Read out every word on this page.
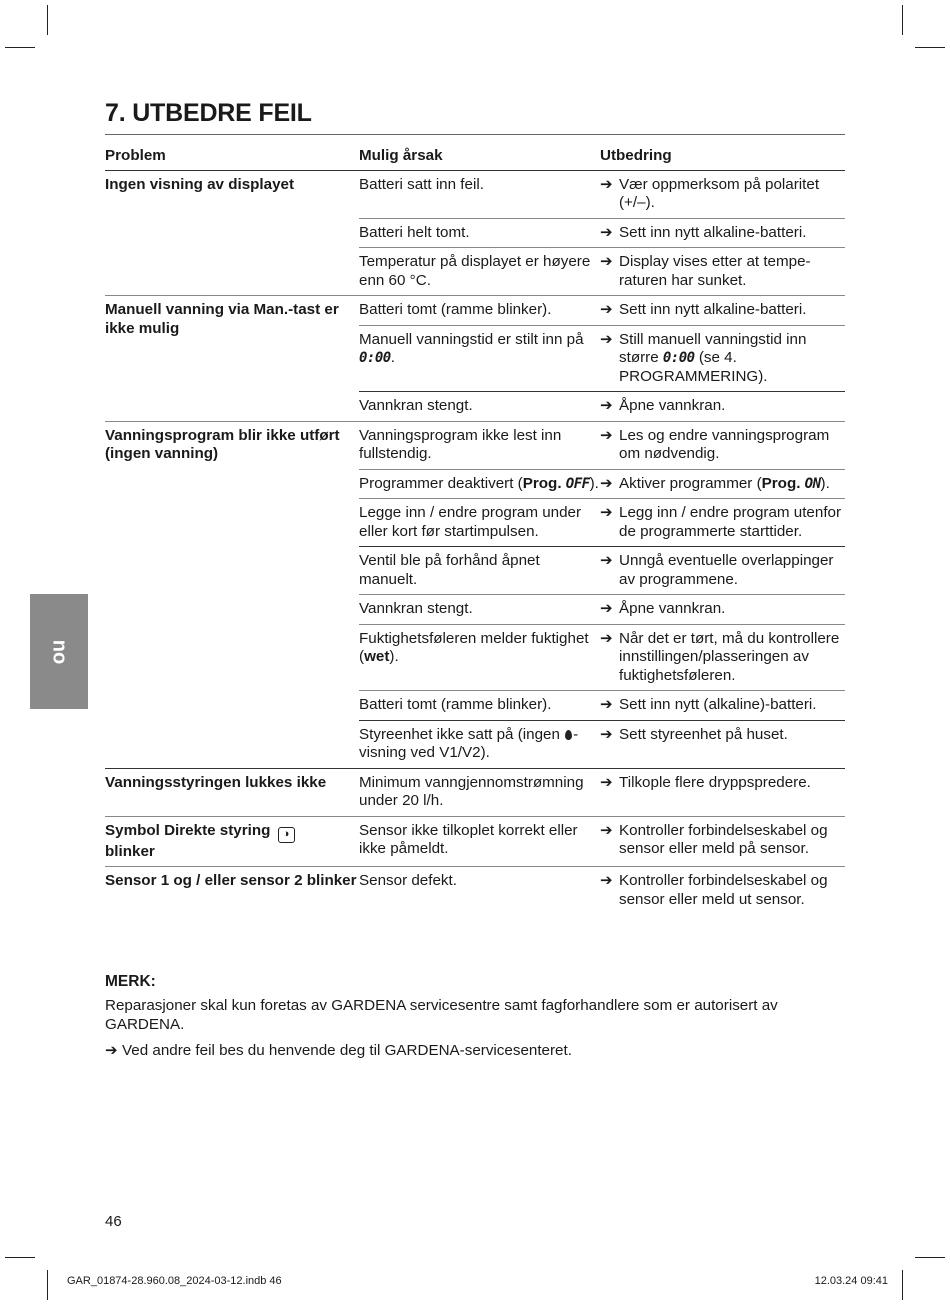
no
7. UTBEDRE FEIL
Problem	Mulig årsak	Utbedring
Ingen visning av displayet	Batteri satt inn feil.	➔ Vær oppmerksom på polaritet (+/–).

	Batteri helt tomt.	➔ Sett inn nytt alkaline-batteri.

	Temperatur på displayet er høyere enn 60 °C.	➔ Display vises etter at temperaturen har sunket.

Manuell vanning via Man.-tast er ikke mulig	Batteri tomt (ramme blinker).	➔ Sett inn nytt alkaline-batteri.

	Manuell vanningstid er stilt inn på 0:00.	➔ Still manuell vanningstid inn større 0:00 (se 4. PROGRAMMERING).

	Vannkran stengt.	➔ Åpne vannkran.

Vanningsprogram blir ikke utført (ingen vanning)	Vanningsprogram ikke lest inn fullstendig.	➔ Les og endre vanningsprogram om nødvendig.

	Programmer deaktivert (Prog. OFF).	➔ Aktiver programmer (Prog. ON).

	Legge inn / endre program under eller kort før startimpulsen.	➔ Legg inn / endre program utenfor de programmerte starttider.

	Ventil ble på forhånd åpnet manuelt.	➔ Unngå eventuelle overlappinger av programmene.

	Vannkran stengt.	➔ Åpne vannkran.

	Fuktighetsføleren melder fuktighet (wet).	➔ Når det er tørt, må du kontrollere innstillingen/plasseringen av fuktighetsføleren.

	Batteri tomt (ramme blinker).	➔ Sett inn nytt (alkaline)-batteri.

	Styreenhet ikke satt på (ingen -visning ved V1/V2).	➔ Sett styreenhet på huset.

Vanningsstyringen lukkes ikke	Minimum vanngjennomstrømning under 20 l/h.	➔ Tilkople flere dryppspredere.

Symbol Direkte styring ◑
blinker	Sensor ikke tilkoplet korrekt eller ikke påmeldt.	➔ Kontroller forbindelseskabel og sensor eller meld på sensor.

Sensor 1 og / eller sensor 2 blinker	Sensor defekt.	➔ Kontroller forbindelseskabel og sensor eller meld ut sensor.
MERK:
Reparasjoner skal kun foretas av GARDENA servicesentre samt fagforhandlere som er autorisert av GARDENA.
➔ Ved andre feil bes du henvende deg til GARDENA-servicesenteret.
46
GAR_01874-28.960.08_2024-03-12.indb 46	12.03.24 09:41
